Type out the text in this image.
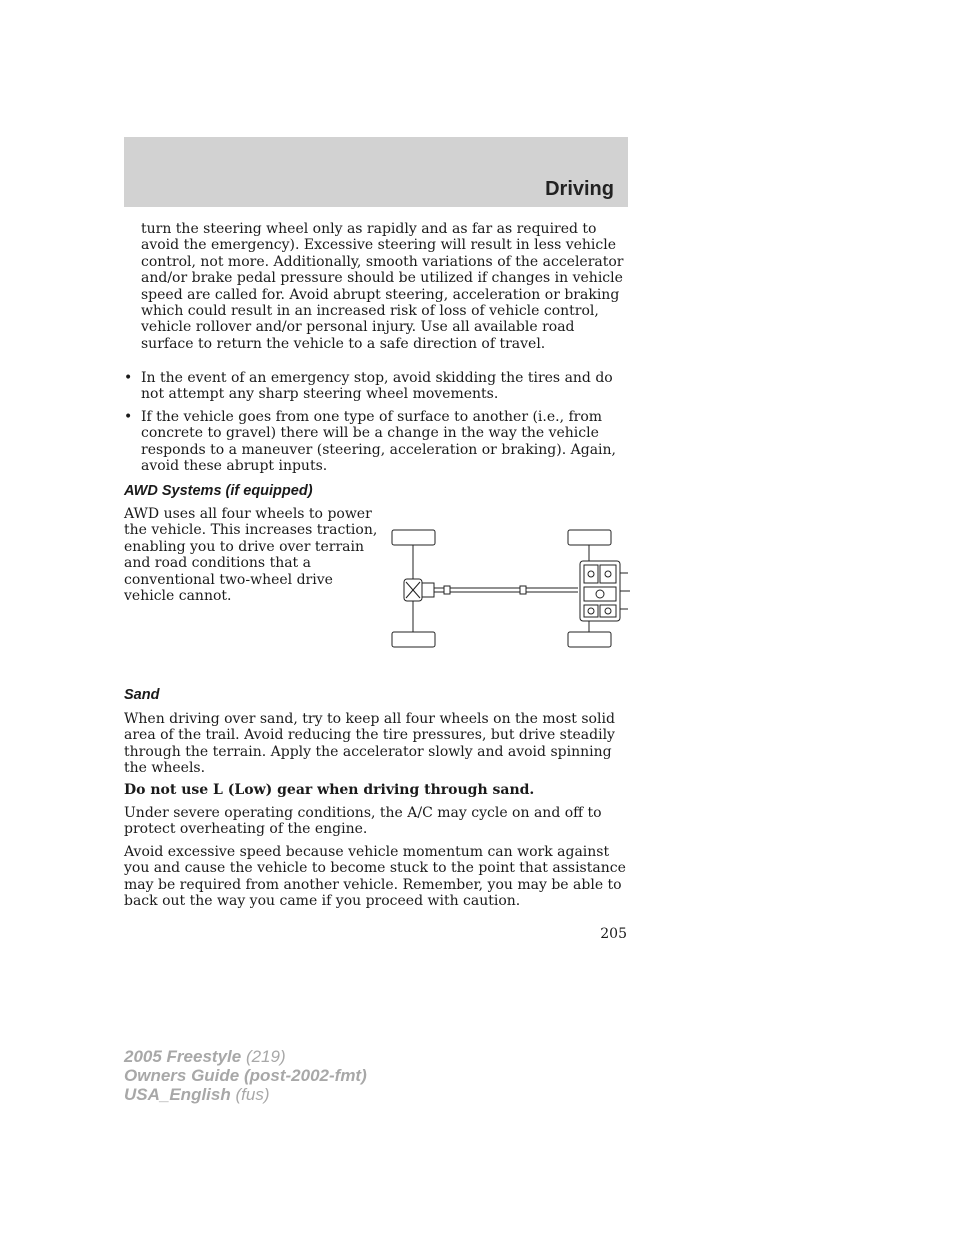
Driving

turn the steering wheel only as rapidly and as far as required to avoid the emergency). Excessive steering will result in less vehicle control, not more. Additionally, smooth variations of the accelerator and/or brake pedal pressure should be utilized if changes in vehicle speed are called for. Avoid abrupt steering, acceleration or braking which could result in an increased risk of loss of vehicle control, vehicle rollover and/or personal injury. Use all available road surface to return the vehicle to a safe direction of travel.

• In the event of an emergency stop, avoid skidding the tires and do not attempt any sharp steering wheel movements.

• If the vehicle goes from one type of surface to another (i.e., from concrete to gravel) there will be a change in the way the vehicle responds to a maneuver (steering, acceleration or braking). Again, avoid these abrupt inputs.

AWD Systems (if equipped)

AWD uses all four wheels to power the vehicle. This increases traction, enabling you to drive over terrain and road conditions that a conventional two-wheel drive vehicle cannot.

Sand

When driving over sand, try to keep all four wheels on the most solid area of the trail. Avoid reducing the tire pressures, but drive steadily through the terrain. Apply the accelerator slowly and avoid spinning the wheels.

Do not use L (Low) gear when driving through sand.

Under severe operating conditions, the A/C may cycle on and off to protect overheating of the engine.

Avoid excessive speed because vehicle momentum can work against you and cause the vehicle to become stuck to the point that assistance may be required from another vehicle. Remember, you may be able to back out the way you came if you proceed with caution.

205
2005 Freestyle (219)
Owners Guide (post-2002-fmt)
USA_English (fus)
